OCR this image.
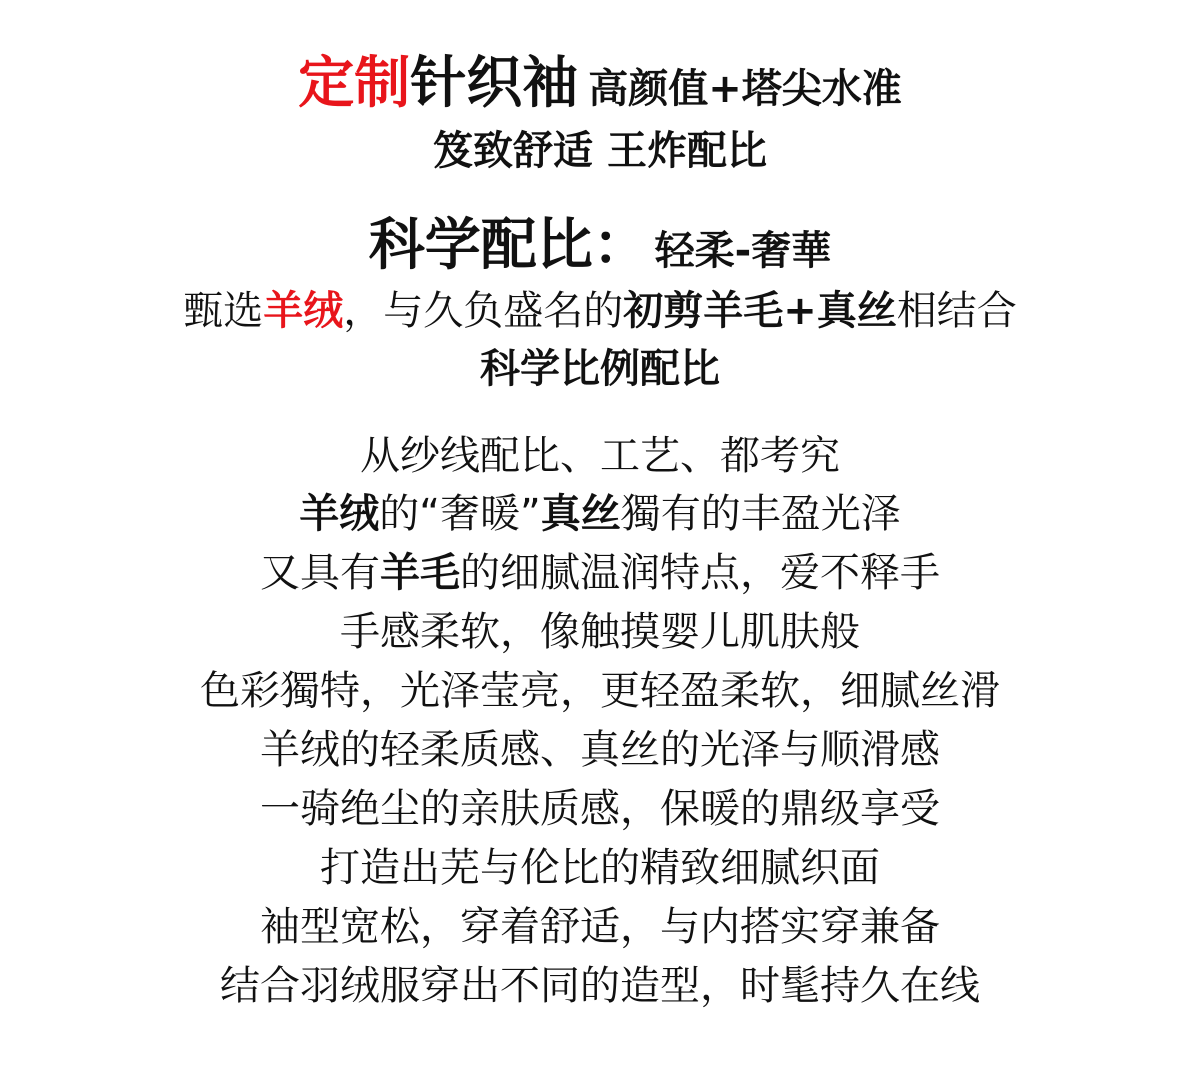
定制针织袖 高颜值+塔尖水准
笈致舒适 王炸配比
科学配比： 轻柔-奢華
甄选羊绒，与久负盛名的初剪羊毛+真丝相结合
科学比例配比
从纱线配比、工艺、都考究
羊绒的“奢暖”真丝獨有的丰盈光泽
又具有羊毛的细腻温润特点，爱不释手
手感柔软，像触摸婴儿肌肤般
色彩獨特，光泽莹亮，更轻盈柔软，细腻丝滑
羊绒的轻柔质感、真丝的光泽与顺滑感
一骑绝尘的亲肤质感，保暖的鼎级享受
打造出芜与伦比的精致细腻织面
袖型宽松，穿着舒适，与内搭实穿兼备
结合羽绒服穿出不同的造型，时髦持久在线
